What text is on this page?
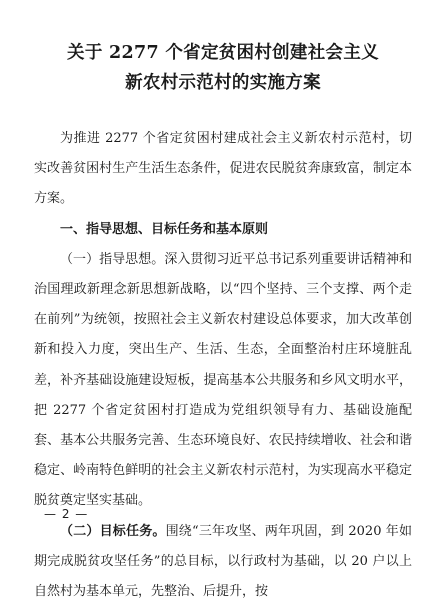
关于 2277 个省定贫困村创建社会主义
新农村示范村的实施方案

为推进 2277 个省定贫困村建成社会主义新农村示范村，切实改善贫困村生产生活生态条件，促进农民脱贫奔康致富，制定本方案。

一、指导思想、目标任务和基本原则

（一）指导思想。深入贯彻习近平总书记系列重要讲话精神和治国理政新理念新思想新战略，以“四个坚持、三个支撑、两个走在前列”为统领，按照社会主义新农村建设总体要求，加大改革创新和投入力度，突出生产、生活、生态，全面整治村庄环境脏乱差，补齐基础设施建设短板，提高基本公共服务和乡风文明水平，把 2277 个省定贫困村打造成为党组织领导有力、基础设施配套、基本公共服务完善、生态环境良好、农民持续增收、社会和谐稳定、岭南特色鲜明的社会主义新农村示范村，为实现高水平稳定脱贫奠定坚实基础。

（二）目标任务。围绕“三年攻坚、两年巩固，到 2020 年如期完成脱贫攻坚任务”的总目标，以行政村为基础，以 20 户以上自然村为基本单元，先整治、后提升，按

— 2 —
